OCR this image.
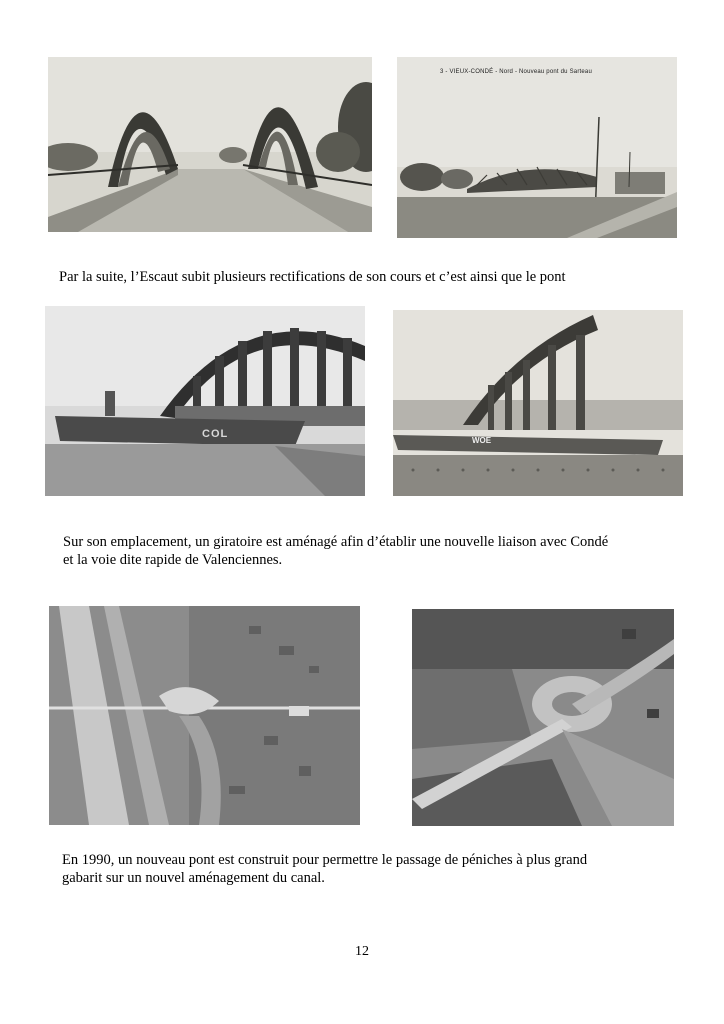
3 - VIEUX-CONDÉ - Nord - Nouveau pont du Sarteau

Par la suite, l’Escaut subit plusieurs rectifications de son cours et c’est ainsi que le pont

COL
WOE

Sur son emplacement, un giratoire est aménagé afin d’établir une nouvelle liaison avec Condé
et la voie dite rapide de Valenciennes.

En 1990, un nouveau pont est construit pour permettre le passage de péniches à plus grand
gabarit sur un nouvel aménagement du canal.

12
